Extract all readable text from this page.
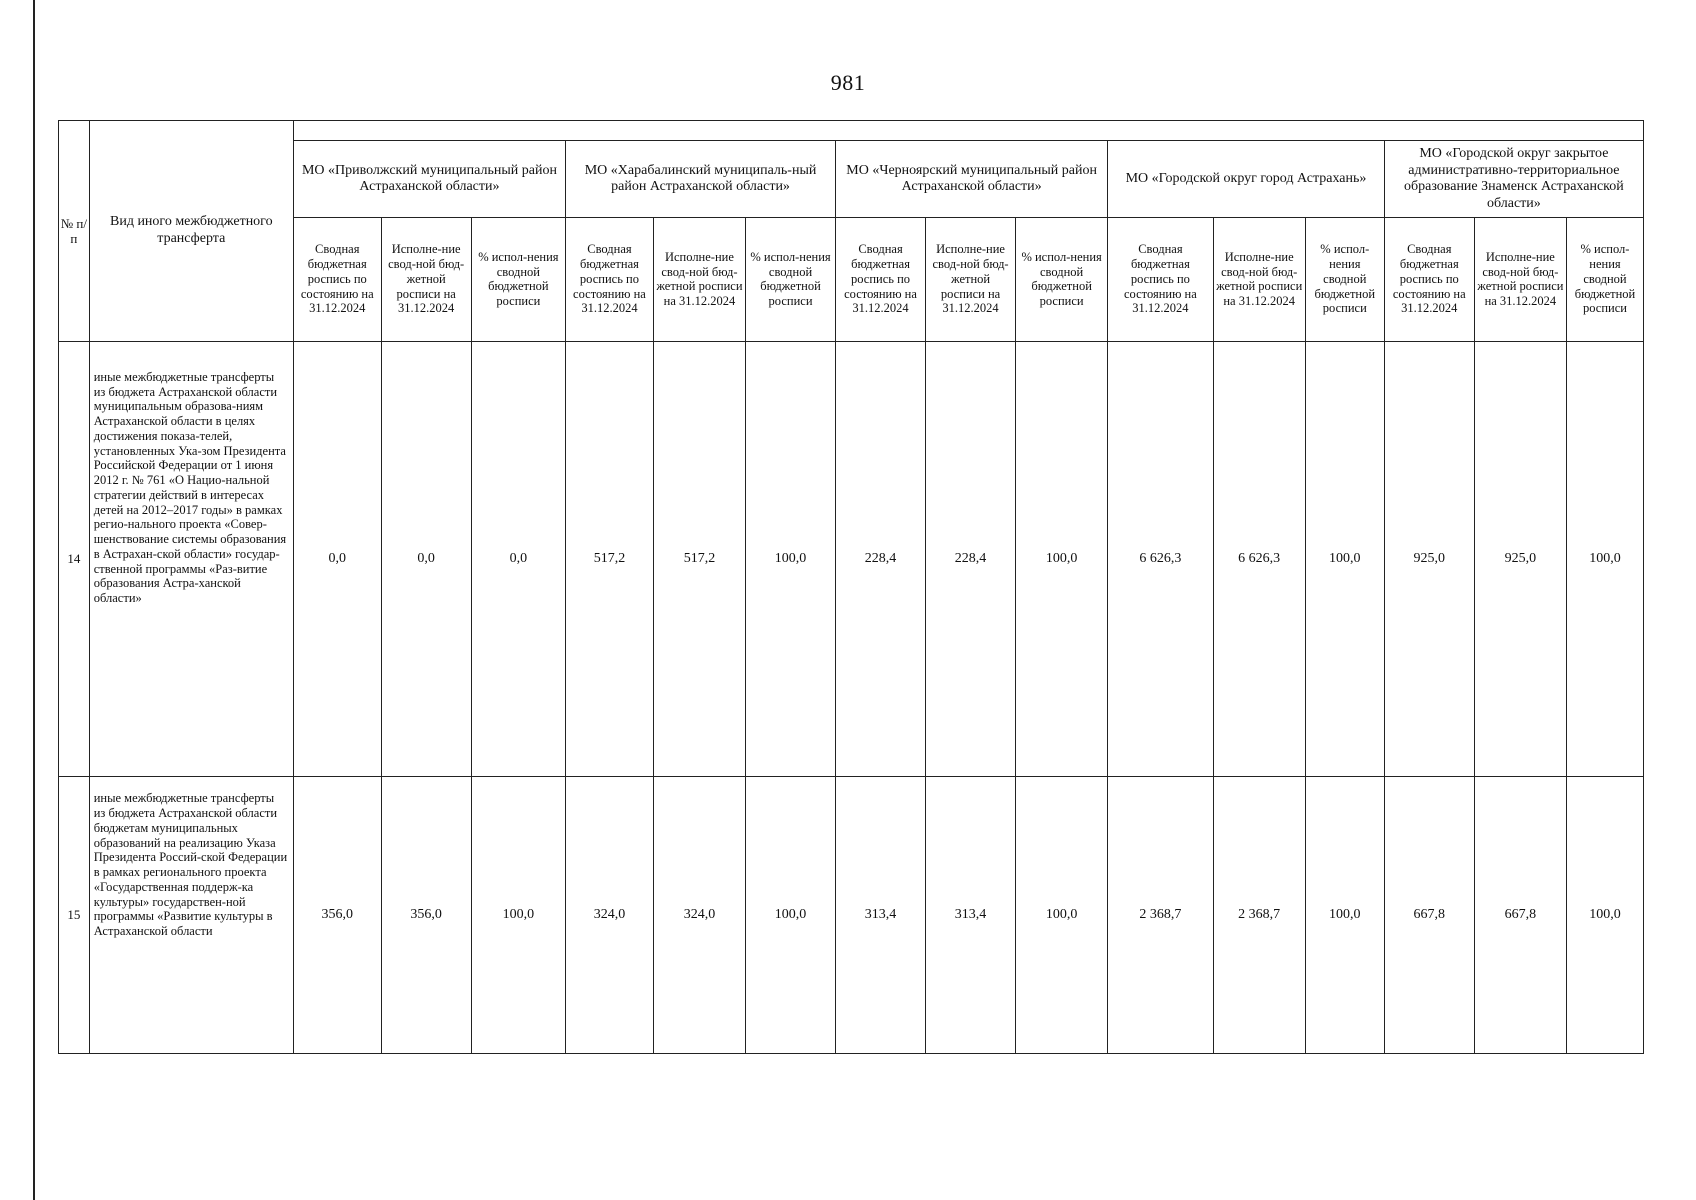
981
№ п/п	Вид иного межбюджетного трансферта															
		МО «Приволжский муниципальный район Астраханской области»			МО «Харабалинский муниципаль-ный район Астраханской области»			МО «Черноярский муниципальный район Астраханской области»			МО «Городской округ город Астрахань»			МО «Городской округ закрытое административно-территориальное образование Знаменск Астраханской области»		
		Сводная бюджетная роспись по состоянию на 31.12.2024	Исполне-ние свод-ной бюд-жетной росписи на 31.12.2024	% испол-нения сводной бюджетной росписи	Сводная бюджетная роспись по состоянию на 31.12.2024	Исполне-ние свод-ной бюд-жетной росписи на 31.12.2024	% испол-нения сводной бюджетной росписи	Сводная бюджетная роспись по состоянию на 31.12.2024	Исполне-ние свод-ной бюд-жетной росписи на 31.12.2024	% испол-нения сводной бюджетной росписи	Сводная бюджетная роспись по состоянию на 31.12.2024	Исполне-ние свод-ной бюд-жетной росписи на 31.12.2024	% испол-нения сводной бюджетной росписи	Сводная бюджетная роспись по состоянию на 31.12.2024	Исполне-ние свод-ной бюд-жетной росписи на 31.12.2024	% испол-нения сводной бюджетной росписи
14	иные межбюджетные трансферты из бюджета Астраханской области муниципальным образова-ниям Астраханской области в целях достижения показа-телей, установленных Ука-зом Президента Российской Федерации от 1 июня 2012 г. № 761 «О Нацио-нальной стратегии действий в интересах детей на 2012–2017 годы» в рамках регио-нального проекта «Совер-шенствование системы образования в Астрахан-ской области» государ-ственной программы «Раз-витие образования Астра-ханской области»	0,0	0,0	0,0	517,2	517,2	100,0	228,4	228,4	100,0	6 626,3	6 626,3	100,0	925,0	925,0	100,0
15	иные межбюджетные трансферты из бюджета Астраханской области бюджетам муниципальных образований на реализацию Указа Президента Россий-ской Федерации в рамках регионального проекта «Государственная поддерж-ка культуры» государствен-ной программы «Развитие культуры в Астраханской области	356,0	356,0	100,0	324,0	324,0	100,0	313,4	313,4	100,0	2 368,7	2 368,7	100,0	667,8	667,8	100,0
